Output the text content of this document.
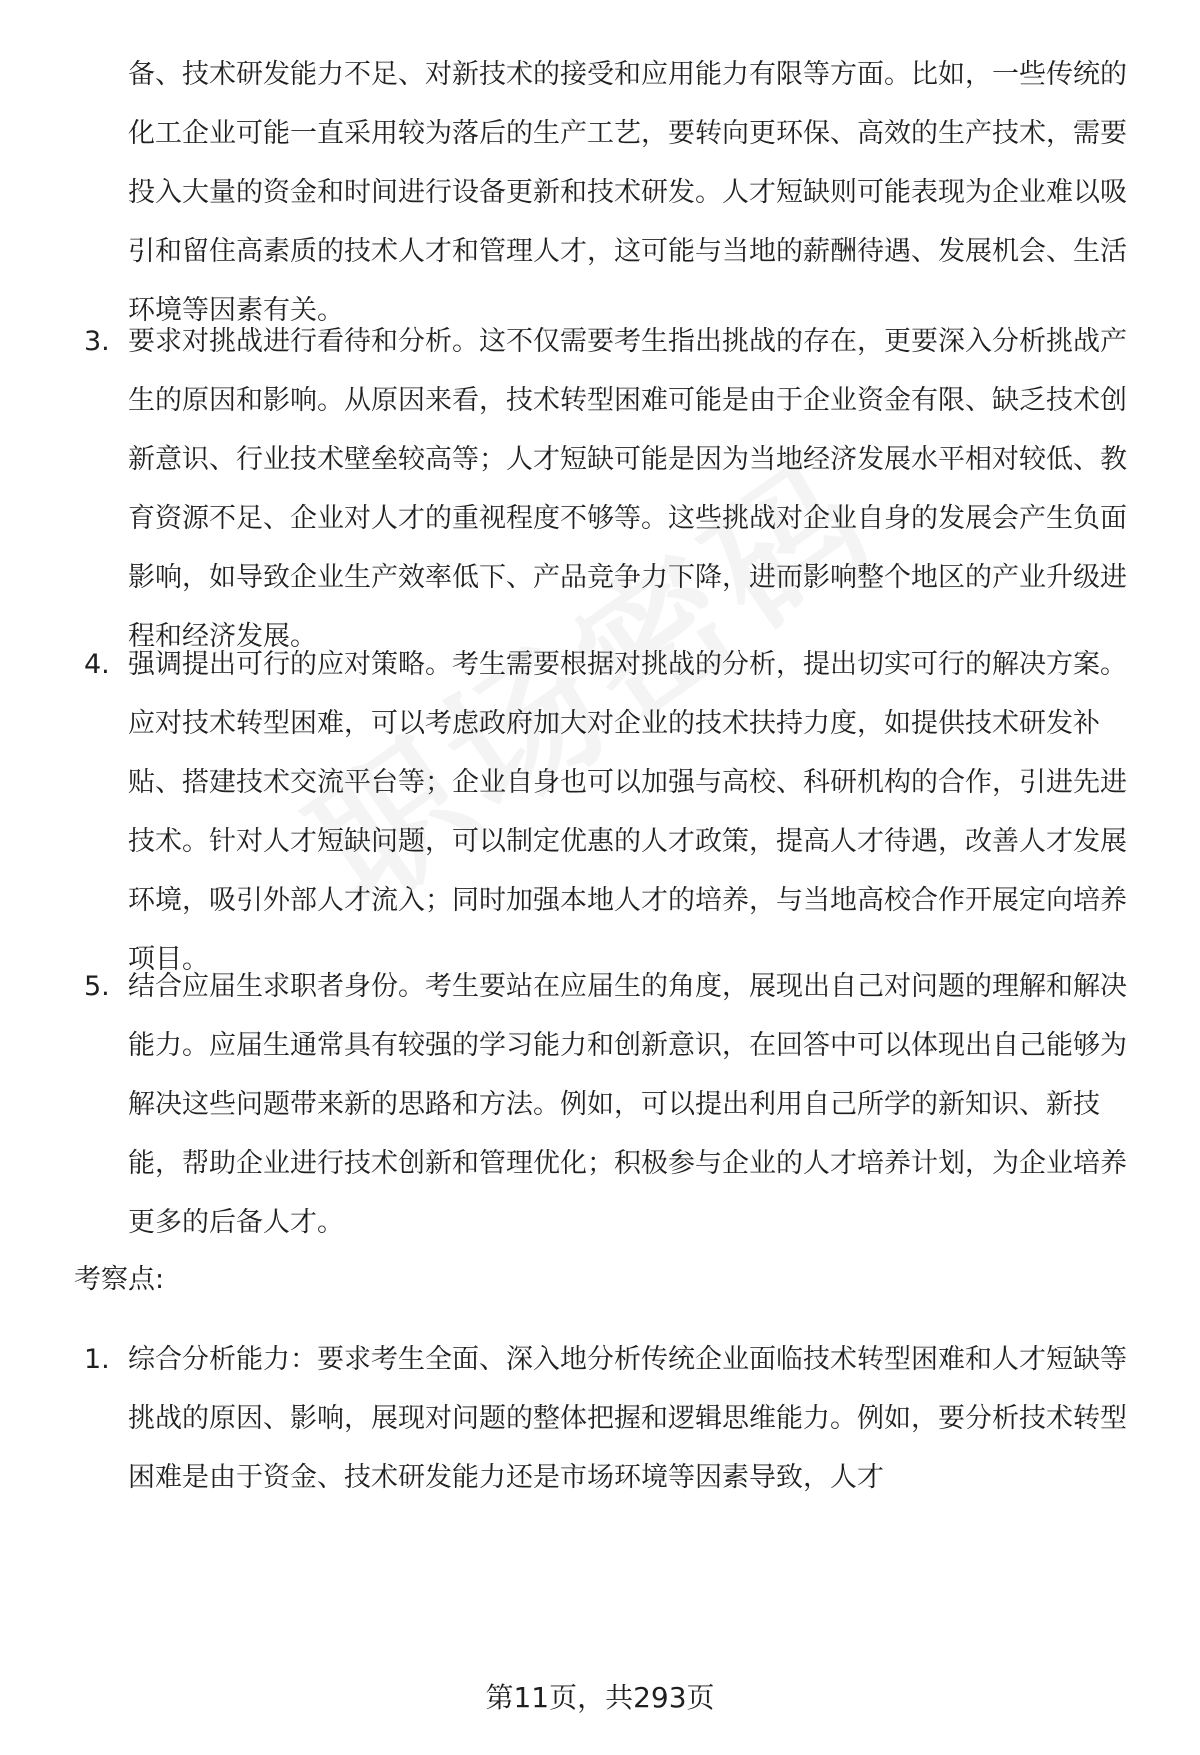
备、技术研发能力不足、对新技术的接受和应用能力有限等方面。比如，一些传统的化工企业可能一直采用较为落后的生产工艺，要转向更环保、高效的生产技术，需要投入大量的资金和时间进行设备更新和技术研发。人才短缺则可能表现为企业难以吸引和留住高素质的技术人才和管理人才，这可能与当地的薪酬待遇、发展机会、生活环境等因素有关。

3. 要求对挑战进行看待和分析。这不仅需要考生指出挑战的存在，更要深入分析挑战产生的原因和影响。从原因来看，技术转型困难可能是由于企业资金有限、缺乏技术创新意识、行业技术壁垒较高等；人才短缺可能是因为当地经济发展水平相对较低、教育资源不足、企业对人才的重视程度不够等。这些挑战对企业自身的发展会产生负面影响，如导致企业生产效率低下、产品竞争力下降，进而影响整个地区的产业升级进程和经济发展。

4. 强调提出可行的应对策略。考生需要根据对挑战的分析，提出切实可行的解决方案。应对技术转型困难，可以考虑政府加大对企业的技术扶持力度，如提供技术研发补贴、搭建技术交流平台等；企业自身也可以加强与高校、科研机构的合作，引进先进技术。针对人才短缺问题，可以制定优惠的人才政策，提高人才待遇，改善人才发展环境，吸引外部人才流入；同时加强本地人才的培养，与当地高校合作开展定向培养项目。

5. 结合应届生求职者身份。考生要站在应届生的角度，展现出自己对问题的理解和解决能力。应届生通常具有较强的学习能力和创新意识，在回答中可以体现出自己能够为解决这些问题带来新的思路和方法。例如，可以提出利用自己所学的新知识、新技能，帮助企业进行技术创新和管理优化；积极参与企业的人才培养计划，为企业培养更多的后备人才。

考察点:
1. 综合分析能力：要求考生全面、深入地分析传统企业面临技术转型困难和人才短缺等挑战的原因、影响，展现对问题的整体把握和逻辑思维能力。例如，要分析技术转型困难是由于资金、技术研发能力还是市场环境等因素导致，人才

第11页，共293页
